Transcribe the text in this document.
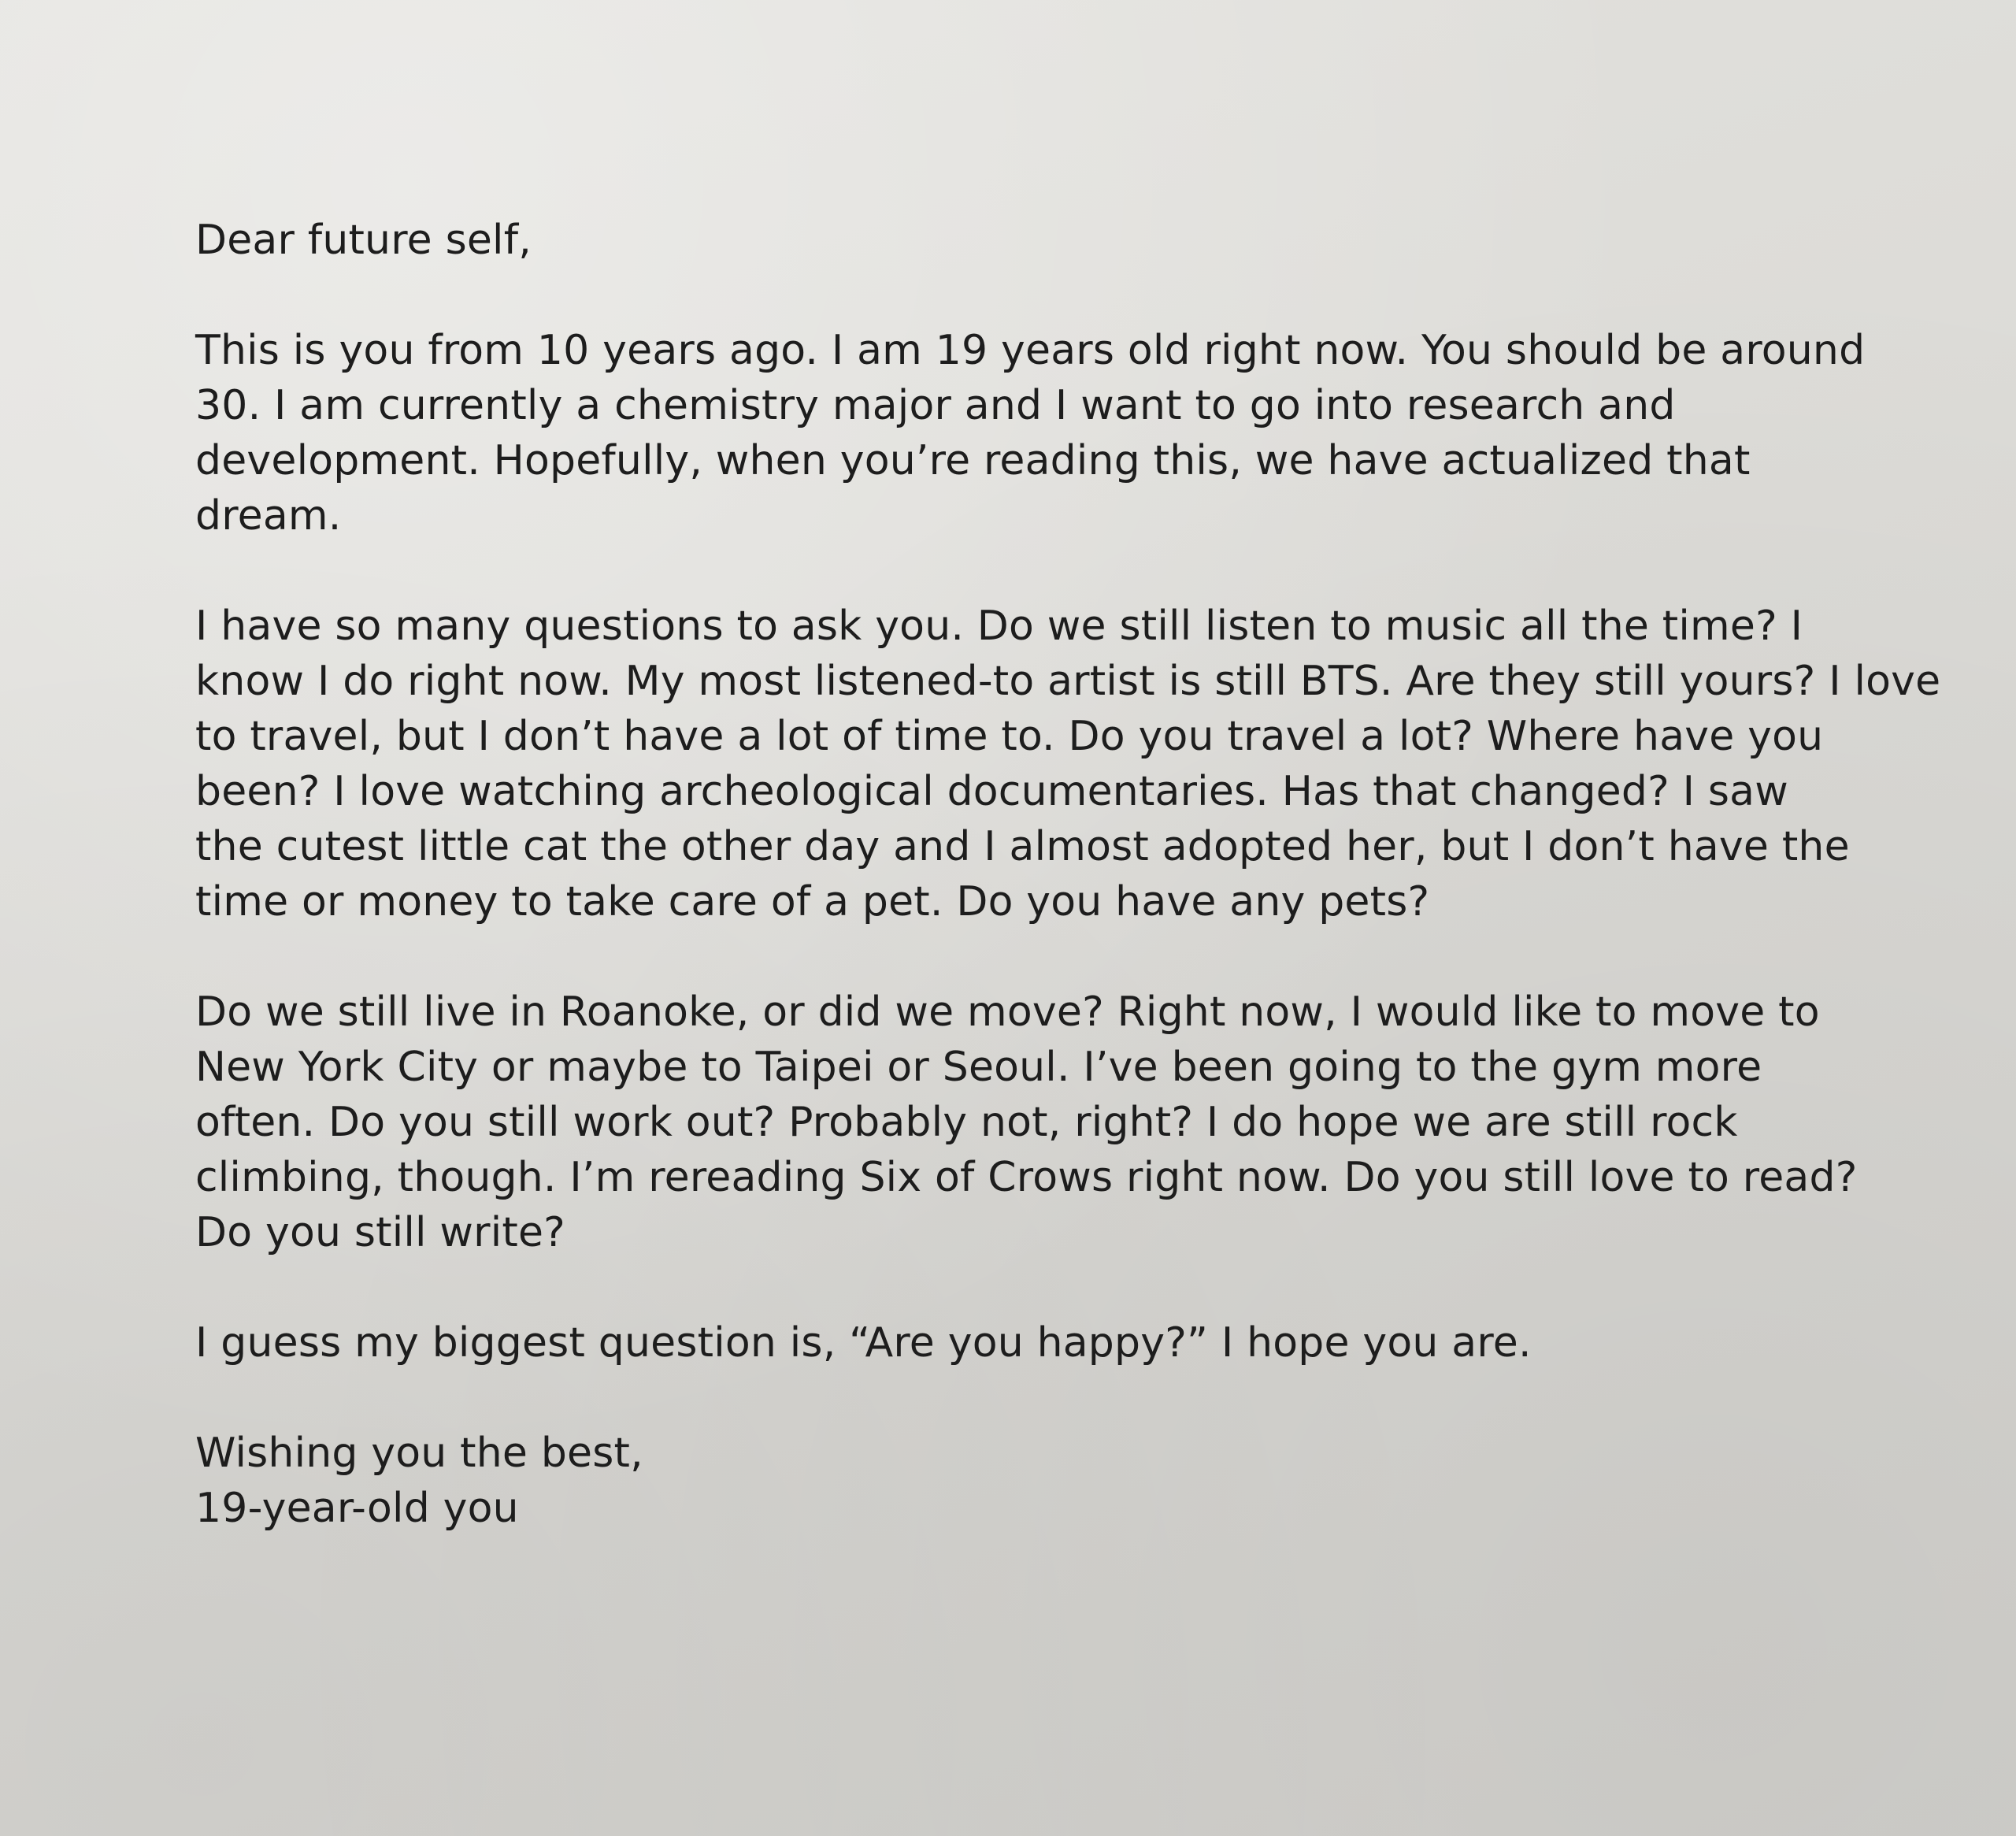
Dear future self,

This is you from 10 years ago. I am 19 years old right now. You should be around
30. I am currently a chemistry major and I want to go into research and
development. Hopefully, when you’re reading this, we have actualized that
dream.

I have so many questions to ask you. Do we still listen to music all the time? I
know I do right now. My most listened-to artist is still BTS. Are they still yours? I love
to travel, but I don’t have a lot of time to. Do you travel a lot? Where have you
been? I love watching archeological documentaries. Has that changed? I saw
the cutest little cat the other day and I almost adopted her, but I don’t have the
time or money to take care of a pet. Do you have any pets?

Do we still live in Roanoke, or did we move? Right now, I would like to move to
New York City or maybe to Taipei or Seoul. I’ve been going to the gym more
often. Do you still work out? Probably not, right? I do hope we are still rock
climbing, though. I’m rereading Six of Crows right now. Do you still love to read?
Do you still write?

I guess my biggest question is, “Are you happy?” I hope you are.

Wishing you the best,
19-year-old you
